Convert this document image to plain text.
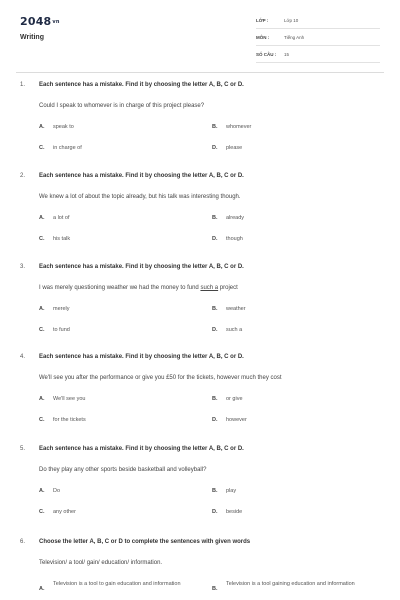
2048vn
Writing
LỚP :	Lớp 10
MÔN :	Tiếng Anh
SỐ CÂU : 15
1. Each sentence has a mistake. Find it by choosing the letter A, B, C or D.
Could I speak to whomever is in charge of this project please?
A. speak to	B. whomever
C. in charge of	D. please
2. Each sentence has a mistake. Find it by choosing the letter A, B, C or D.
We knew a lot of about the topic already, but his talk was interesting though.
A. a lot of	B. already
C. his talk	D. though
3. Each sentence has a mistake. Find it by choosing the letter A, B, C or D.
I was merely questioning weather we had the money to fund such a project
A. merely	B. weather
C. to fund	D. such a
4. Each sentence has a mistake. Find it by choosing the letter A, B, C or D.
We'll see you after the performance or give you £50 for the tickets, however much they cost
A. We'll see you	B. or give
C. for the tickets	D. however
5. Each sentence has a mistake. Find it by choosing the letter A, B, C or D.
Do they play any other sports beside basketball and volleyball?
A. Do	B. play
C. any other	D. beside
6. Choose the letter A, B, C or D to complete the sentences with given words
Television/ a tool/ gain/ education/ information.
A.
Television is a tool to gain education and information
B.
Television is a tool gaining education and information
